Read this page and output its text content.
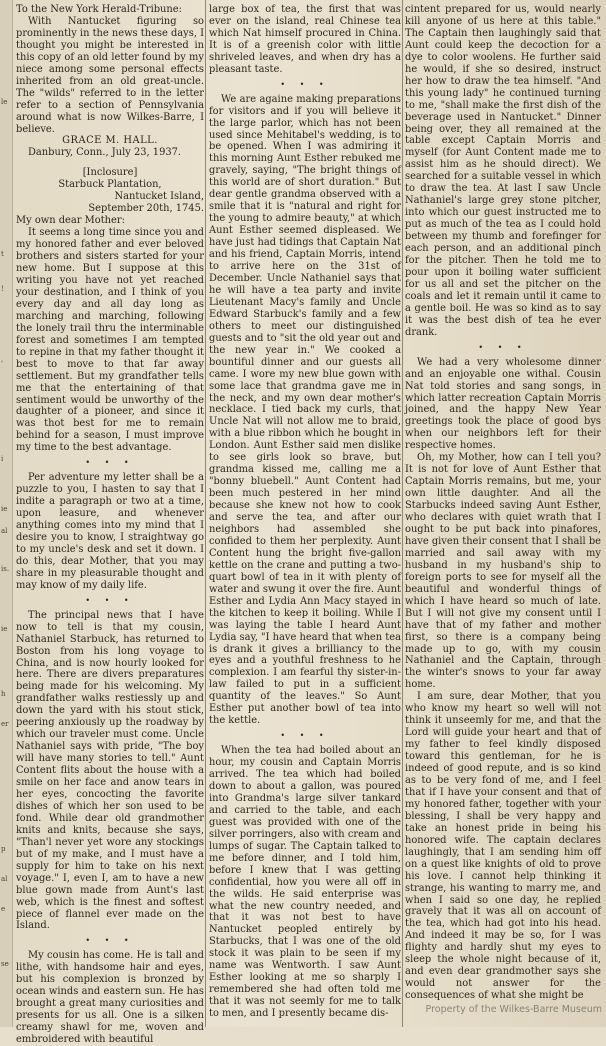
le
t
!
'
i
ie
al
is.
ie
h
er
p
al
e
se

To the New York Herald-Tribune:

With Nantucket figuring so prominently in the news these days, I thought you might be interested in this copy of an old letter found by my niece among some personal effects inherited from an old great-uncle. The "wilds" referred to in the letter refer to a section of Pennsylvania around what is now Wilkes-Barre, I believe.

GRACE M. HALL.

Danbury, Conn., July 23, 1937.

[Inclosure]

Starbuck Plantation,

Nantucket Island,

September 20th, 1745.

My own dear Mother:

It seems a long time since you and my honored father and ever beloved brothers and sisters started for your new home. But I suppose at this writing you have not yet reached your destination, and I think of you every day and all day long as marching and marching, following the lonely trail thru the interminable forest and sometimes I am tempted to repine in that my father thought it best to move to that far away settlement. But my grandfather tells me that the entertaining of that sentiment would be unworthy of the daughter of a pioneer, and since it was thot best for me to remain behind for a season, I must improve my time to the best advantage.

• • •

Per adventure my letter shall be a puzzle to you, I hasten to say that I indite a paragraph or two at a time, upon leasure, and whenever anything comes into my mind that I desire you to know, I straightway go to my uncle's desk and set it down. I do this, dear Mother, that you may share in my pleasurable thought and may know of my daily life.

• • •

The principal news that I have now to tell is that my cousin, Nathaniel Starbuck, has returned to Boston from his long voyage to China, and is now hourly looked for here. There are divers preparatures being made for his welcoming. My grandfather walks restiessly up and down the yard with his stout stick, peering anxiously up the roadway by which our traveler must come. Uncle Nathaniel says with pride, "The boy will have many stories to tell." Aunt Content flits about the house with a smile on her face and anow tears in her eyes, concocting the favorite dishes of which her son used to be fond. While dear old grandmother knits and knits, because she says, "Than'l never yet wore any stockings but of my make, and I must have a supply for him to take on his next voyage." I, even I, am to have a new blue gown made from Aunt's last web, which is the finest and softest piece of flannel ever made on the Island.

• • •

My cousin has come. He is tall and lithe, with handsome hair and eyes, but his complexion is bronzed by ocean winds and eastern sun. He has brought a great many curiosities and presents for us all. One is a silken creamy shawl for me, woven and embroidered with beautiful

large box of tea, the first that was ever on the island, real Chinese tea which Nat himself procured in China. It is of a greenish color with little shriveled leaves, and when dry has a pleasant taste.

• • •

We are againe making preparations for visitors and if you will believe it the large parlor, which has not been used since Mehitabel's wedding, is to be opened. When I was admiring it this morning Aunt Esther rebuked me gravely, saying, "The bright things of this world are of short duration." But dear gentle grandma observed with a smile that it is "natural and right for the young to admire beauty," at which Aunt Esther seemed displeased. We have just had tidings that Captain Nat and his friend, Captain Morris, intend to arrive here on the 31st of December. Uncle Nathaniel says that he will have a tea party and invite Lieutenant Macy's family and Uncle Edward Starbuck's family and a few others to meet our distinguished guests and to "sit the old year out and the new year in." We cooked a bountiful dinner and our guests all came. I wore my new blue gown with some lace that grandma gave me in the neck, and my own dear mother's necklace. I tied back my curls, that Uncle Nat will not allow me to braid, with a blue ribbon which he bought in London. Aunt Esther said men dislike to see girls look so brave, but grandma kissed me, calling me a "bonny bluebell." Aunt Content had been much pestered in her mind because she knew not how to cook and serve the tea, and after our neighbors had assembled she confided to them her perplexity. Aunt Content hung the bright five-gallon kettle on the crane and putting a two-quart bowl of tea in it with plenty of water and swung it over the fire. Aunt Esther and Lydia Ann Macy stayed in the kitchen to keep it boiling. While I was laying the table I heard Aunt Lydia say, "I have heard that when tea is drank it gives a brilliancy to the eyes and a youthful freshness to he complexion. I am fearful thy sister-in-law failed to put in a sufficient quantity of the leaves." So Aunt Esther put another bowl of tea into the kettle.

• • •

When the tea had boiled about an hour, my cousin and Captain Morris arrived. The tea which had boiled down to about a gallon, was poured into Grandma's large silver tankard and carried to the table, and each guest was provided with one of the silver porringers, also with cream and lumps of sugar. The Captain talked to me before dinner, and I told him, before I knew that I was getting confidential, how you were all off in the wilds. He said enterprise was what the new country needed, and that it was not best to have Nantucket peopled entirely by Starbucks, that I was one of the old stock it was plain to be seen if my name was Wentworth. I saw Aunt Esther looking at me so sharply I remembered she had often told me that it was not seemly for me to talk to men, and I presently became dis-

cintent prepared for us, would nearly kill anyone of us here at this table." The Captain then laughingly said that Aunt could keep the decoction for a dye to color woolens. He further said he would, if she so desired, instruct her how to draw the tea himself. "And this young lady" he continued turning to me, "shall make the first dish of the beverage used in Nantucket." Dinner being over, they all remained at the table except Captain Morris and myself (for Aunt Content made me to assist him as he should direct). We searched for a suitable vessel in which to draw the tea. At last I saw Uncle Nathaniel's large grey stone pitcher, into which our guest instructed me to put as much of the tea as I could hold between my thumb and forefinger for each person, and an additional pinch for the pitcher. Then he told me to pour upon it boiling water sufficient for us all and set the pitcher on the coals and let it remain until it came to a gentle boil. He was so kind as to say it was the best dish of tea he ever drank.

• • •

We had a very wholesome dinner and an enjoyable one withal. Cousin Nat told stories and sang songs, in which latter recreation Captain Morris joined, and the happy New Year greetings took the place of good bys when our neighbors left for their respective homes.

Oh, my Mother, how can I tell you? It is not for love of Aunt Esther that Captain Morris remains, but me, your own little daughter. And all the Starbucks indeed saving Aunt Esther, who declares with quiet wrath that I ought to be put back into pinafores, have given their consent that I shall be married and sail away with my husband in my husband's ship to foreign ports to see for myself all the beautiful and wonderful things of which I have heard so much of late. But I will not give my consent until I have that of my father and mother first, so there is a company being made up to go, with my cousin Nathaniel and the Captain, through the winter's snows to your far away home.

I am sure, dear Mother, that you who know my heart so well will not think it unseemly for me, and that the Lord will guide your heart and that of my father to feel kindly disposed toward this gentleman, for he is indeed of good repute, and is so kind as to be very fond of me, and I feel that if I have your consent and that of my honored father, together with your blessing, I shall be very happy and take an honest pride in being his honored wife. The captain declares laughingly, that I am sending him off on a quest like knights of old to prove his love. I cannot help thinking it strange, his wanting to marry me, and when I said so one day, he replied gravely that it was all on account of the tea, which had got into his head. And indeed it may be so, for I was flighty and hardly shut my eyes to sleep the whole night because of it, and even dear grandmother says she would not answer for the consequences of what she might be

Property of the Wilkes-Barre Museum
